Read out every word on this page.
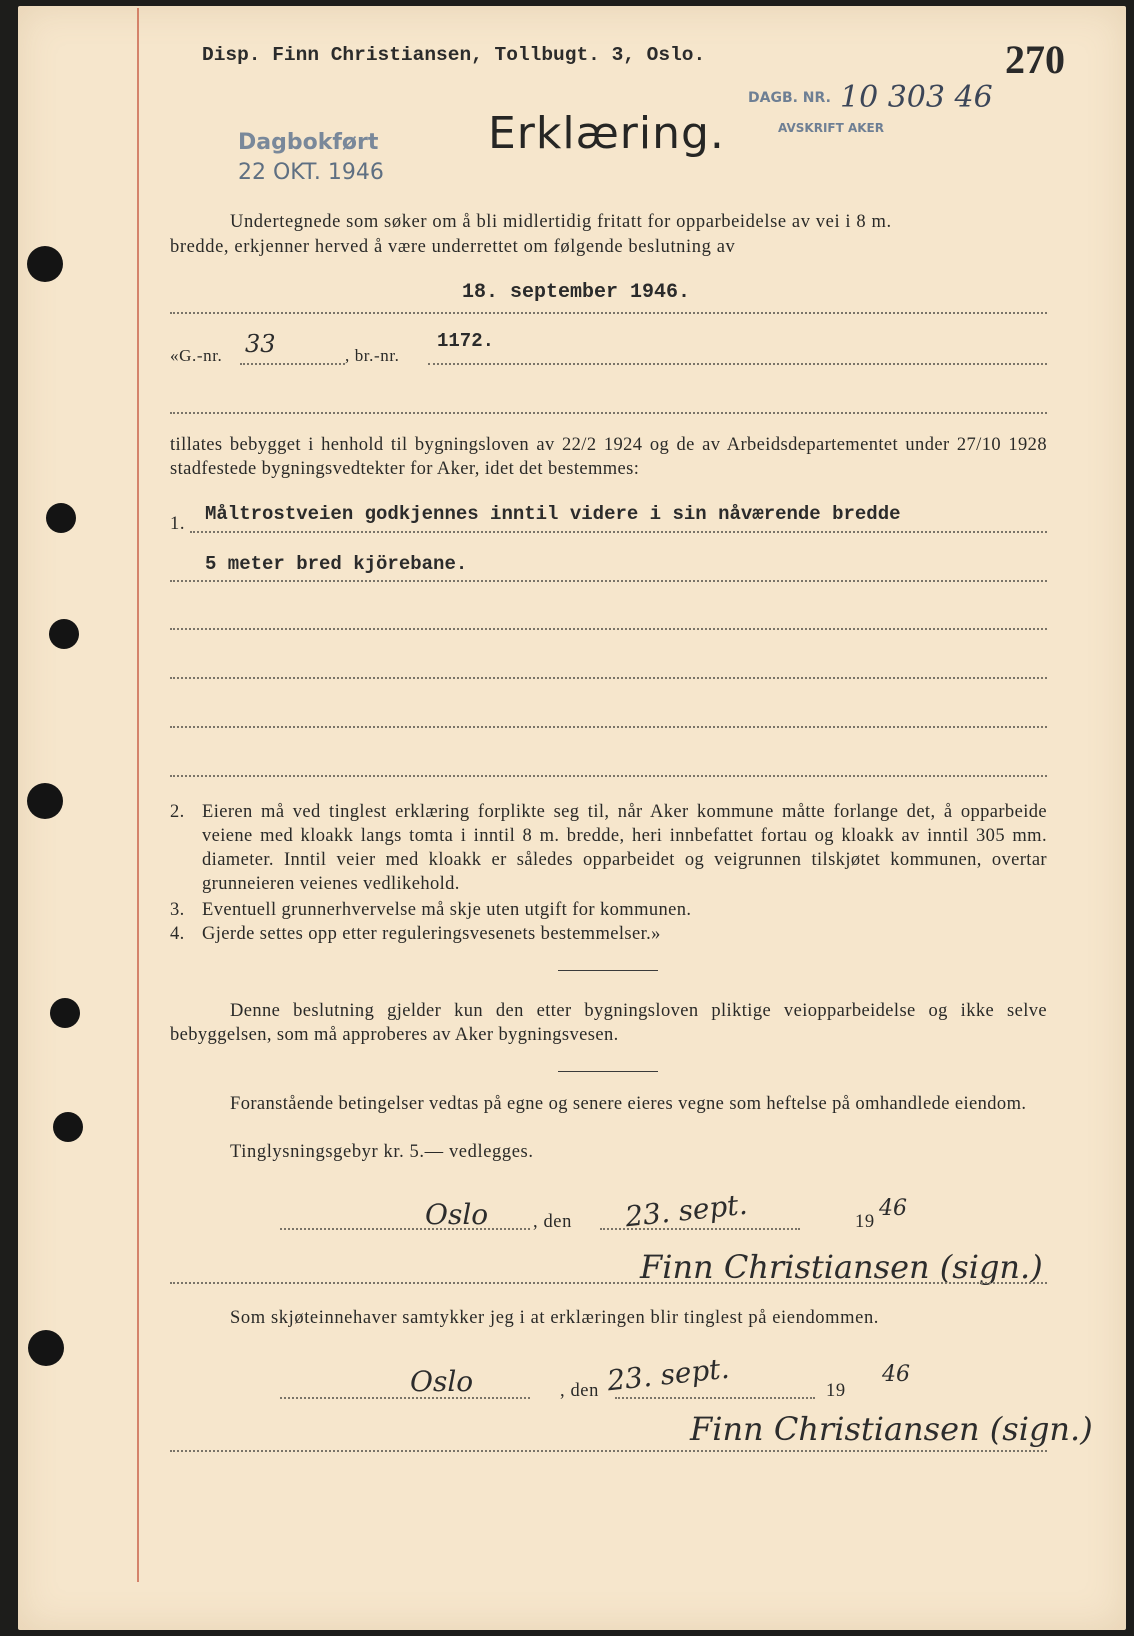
Disp. Finn Christiansen, Tollbugt. 3, Oslo.	270
DAGB. NR. 10 303 46
AVSKRIFT AKER
Dagbokført
22 OKT. 1946
Erklæring.
Undertegnede som søker om å bli midlertidig fritatt for opparbeidelse av vei i 8 m.
bredde, erkjenner herved å være underrettet om følgende beslutning av
18. september 1946.
«G.-nr. 33	, br.-nr.
1172.
tillates bebygget i henhold til bygningsloven av 22/2 1924 og de av Arbeidsdepartementet under 27/10 1928 stadfestede bygningsvedtekter for Aker, idet det bestemmes:
1. Måltrostveien godkjennes inntil videre i sin nåværende bredde
5 meter bred kjörebane.
2. Eieren må ved tinglest erklæring forplikte seg til, når Aker kommune måtte forlange det, å opparbeide veiene med kloakk langs tomta i inntil 8 m. bredde, heri innbefattet fortau og kloakk av inntil 305 mm. diameter. Inntil veier med kloakk er således opparbeidet og veigrunnen tilskjøtet kommunen, overtar grunneieren veienes vedlikehold.
3. Eventuell grunnerhvervelse må skje uten utgift for kommunen.
4. Gjerde settes opp etter reguleringsvesenets bestemmelser.»
Denne beslutning gjelder kun den etter bygningsloven pliktige veiopparbeidelse og ikke selve bebyggelsen, som må approberes av Aker bygningsvesen.
Foranstående betingelser vedtas på egne og senere eieres vegne som heftelse på omhandlede eiendom.
Tinglysningsgebyr kr. 5.— vedlegges.
Oslo , den 23. sept.	19
46
Finn Christiansen (sign.)
Som skjøteinnehaver samtykker jeg i at erklæringen blir tinglest på eiendommen.
Oslo	, den 23. sept.	19
46
Finn Christiansen (sign.)
